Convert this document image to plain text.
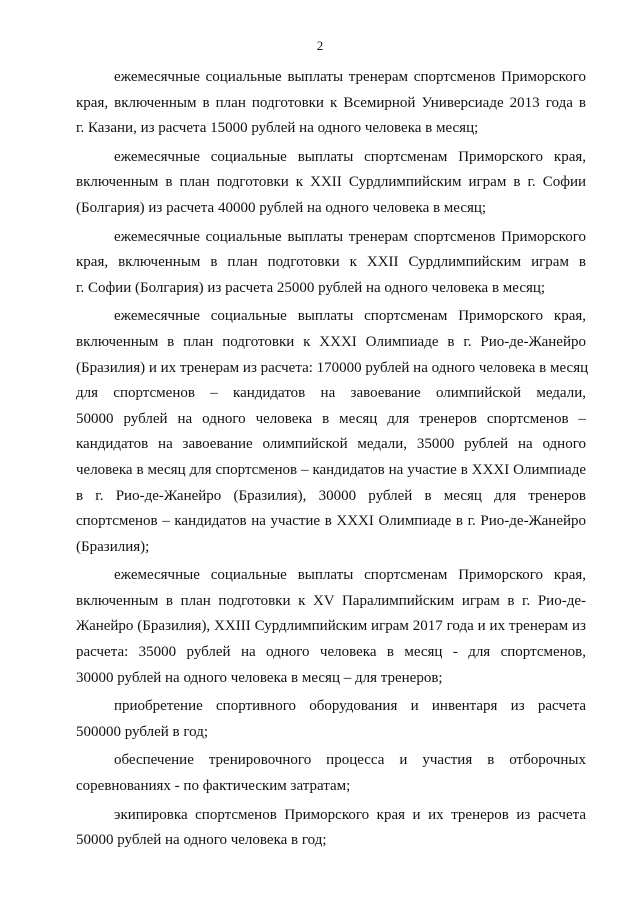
2

ежемесячные социальные выплаты тренерам спортсменов Приморского
края, включенным в план подготовки к Всемирной Универсиаде 2013 года в
г. Казани, из расчета 15000 рублей на одного человека в месяц;

ежемесячные социальные выплаты спортсменам Приморского края,
включенным в план подготовки к XXII Сурдлимпийским играм в г. Софии
(Болгария) из расчета 40000 рублей на одного человека в месяц;

ежемесячные социальные выплаты тренерам спортсменов Приморского
края, включенным в план подготовки к XXII Сурдлимпийским играм в
г. Софии (Болгария) из расчета 25000 рублей на одного человека в месяц;

ежемесячные социальные выплаты спортсменам Приморского края,
включенным в план подготовки к XXXI Олимпиаде в г. Рио-де-Жанейро
(Бразилия) и их тренерам из расчета: 170000 рублей на одного человека в месяц
для спортсменов – кандидатов на завоевание олимпийской медали,
50000 рублей на одного человека в месяц для тренеров спортсменов –
кандидатов на завоевание олимпийской медали, 35000 рублей на одного
человека в месяц для спортсменов – кандидатов на участие в XXXI Олимпиаде
в г. Рио-де-Жанейро (Бразилия), 30000 рублей в месяц для тренеров
спортсменов – кандидатов на участие в XXXI Олимпиаде в г. Рио-де-Жанейро
(Бразилия);

ежемесячные социальные выплаты спортсменам Приморского края,
включенным в план подготовки к XV Паралимпийским играм в г. Рио-де-
Жанейро (Бразилия), XXIII Сурдлимпийским играм 2017 года и их тренерам из
расчета: 35000 рублей на одного человека в месяц - для спортсменов,
30000 рублей на одного человека в месяц – для тренеров;

приобретение спортивного оборудования и инвентаря из расчета
500000 рублей в год;

обеспечение тренировочного процесса и участия в отборочных
соревнованиях - по фактическим затратам;

экипировка спортсменов Приморского края и их тренеров из расчета
50000 рублей на одного человека в год;
